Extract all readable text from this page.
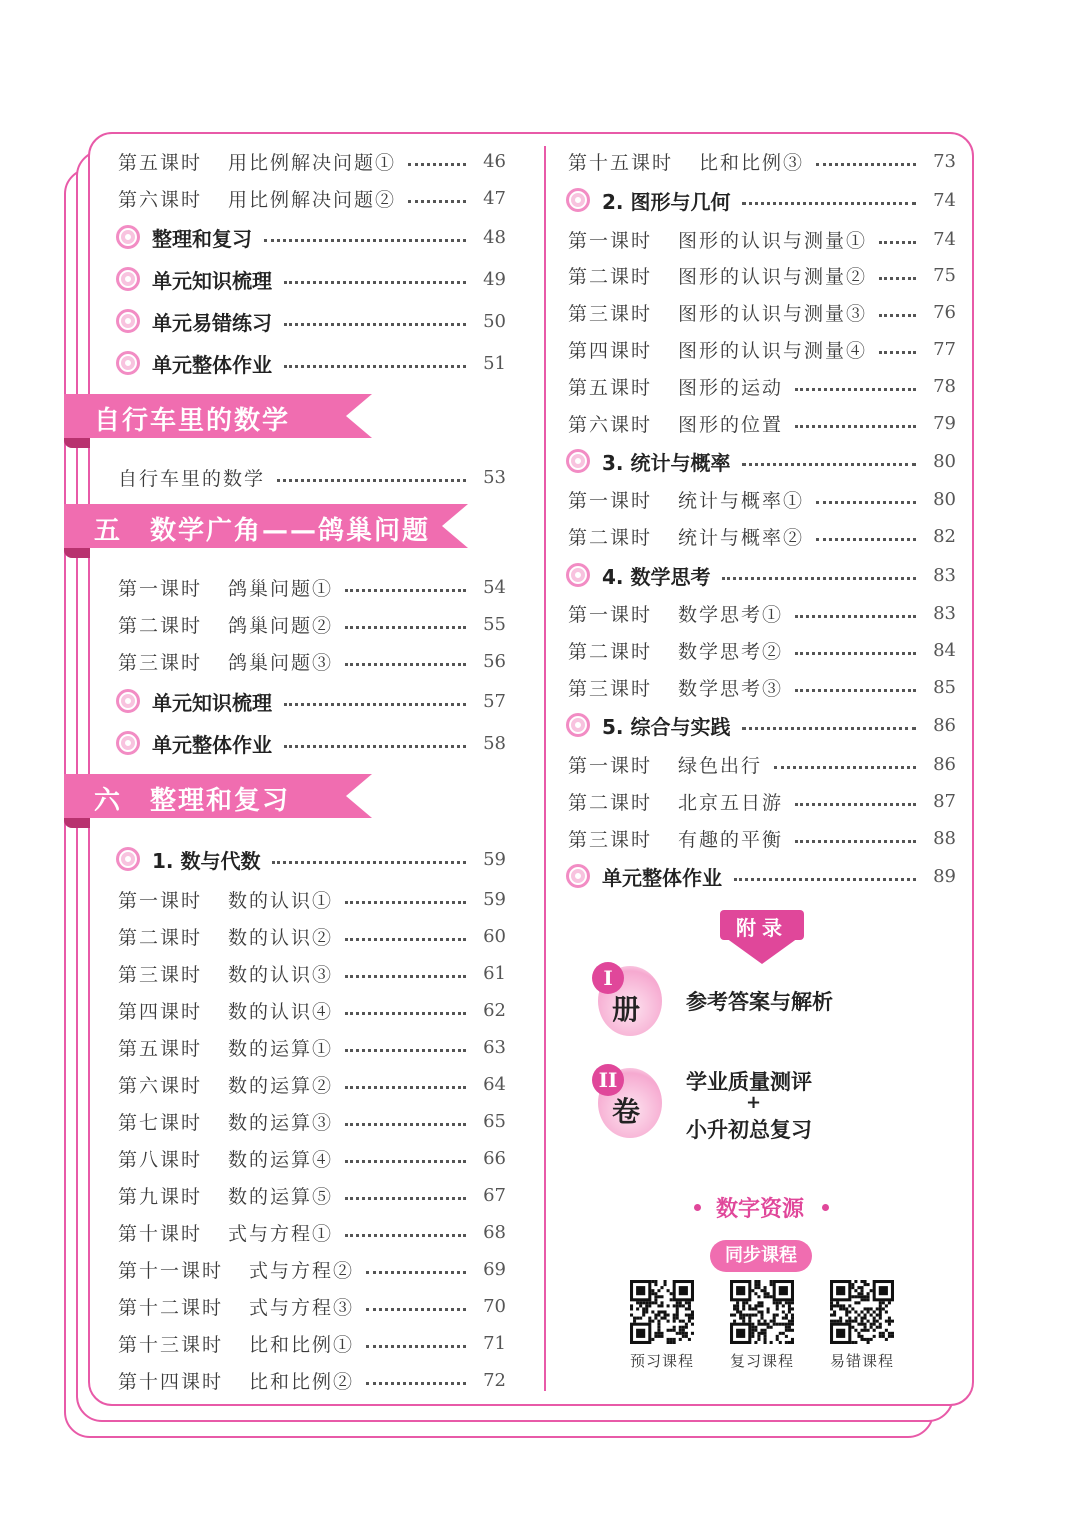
第五课时 用比例解决问题①	46
第六课时 用比例解决问题②	47
整理和复习	48
单元知识梳理	49
单元易错练习	50
单元整体作业	51
自行车里的数学
自行车里的数学	53
五　数学广角——鸽巢问题
第一课时 鸽巢问题①	54
第二课时 鸽巢问题②	55
第三课时 鸽巢问题③	56
单元知识梳理	57
单元整体作业	58
六　整理和复习
1. 数与代数	59
第一课时 数的认识①	59
第二课时 数的认识②	60
第三课时 数的认识③	61
第四课时 数的认识④	62
第五课时 数的运算①	63
第六课时 数的运算②	64
第七课时 数的运算③	65
第八课时 数的运算④	66
第九课时 数的运算⑤	67
第十课时 式与方程①	68
第十一课时 式与方程②	69
第十二课时 式与方程③	70
第十三课时 比和比例①	71
第十四课时 比和比例②	72
第十五课时 比和比例③	73
2. 图形与几何	74
第一课时 图形的认识与测量①	74
第二课时 图形的认识与测量②	75
第三课时 图形的认识与测量③	76
第四课时 图形的认识与测量④	77
第五课时 图形的运动	78
第六课时 图形的位置	79
3. 统计与概率	80
第一课时 统计与概率①	80
第二课时 统计与概率②	82
4. 数学思考	83
第一课时 数学思考①	83
第二课时 数学思考②	84
第三课时 数学思考③	85
5. 综合与实践	86
第一课时 绿色出行	86
第二课时 北京五日游	87
第三课时 有趣的平衡	88
单元整体作业	89
附录
I
册 参考答案与解析
II
卷
学业质量测评
+
小升初总复习
数字资源
同步课程
预习课程	复习课程	易错课程
